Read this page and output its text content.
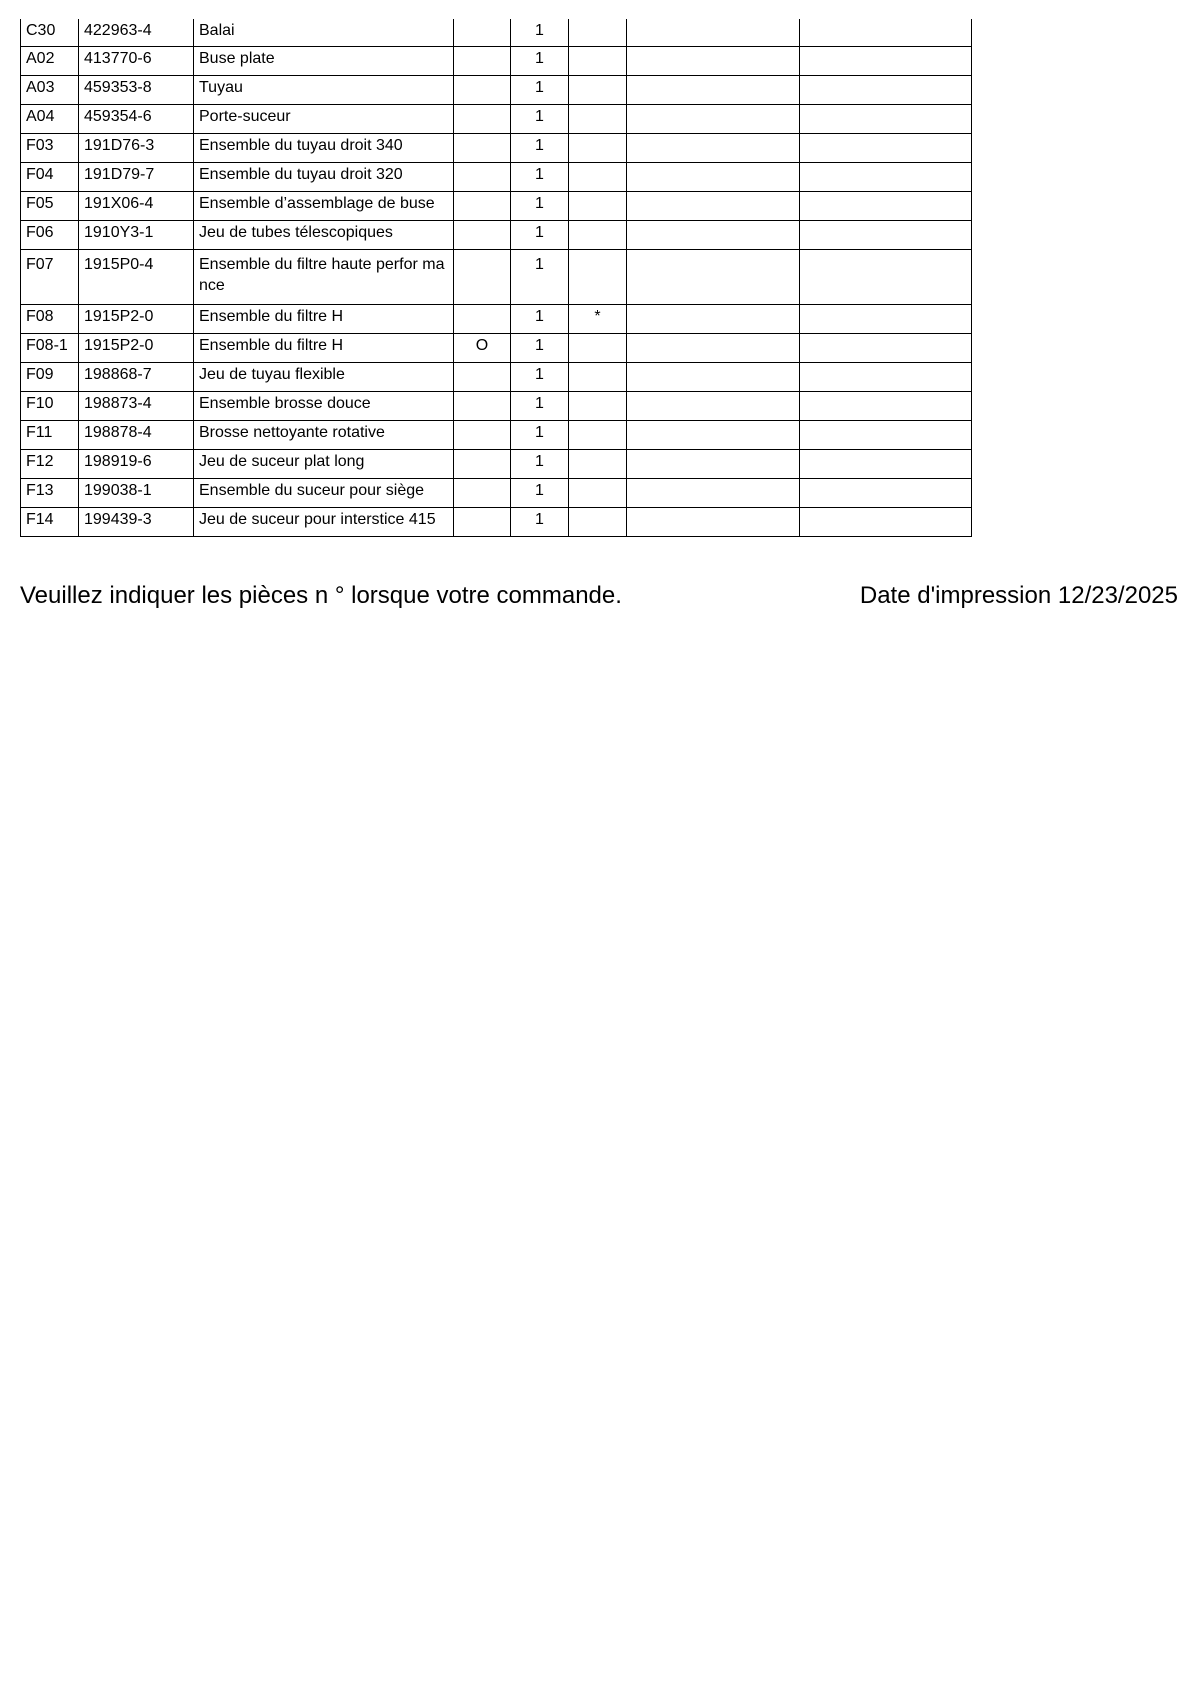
C30	422963-4	Balai		1			
A02	413770-6	Buse plate		1			
A03	459353-8	Tuyau		1			
A04	459354-6	Porte-suceur		1			
F03	191D76-3	Ensemble du tuyau droit 340		1			
F04	191D79-7	Ensemble du tuyau droit 320		1			
F05	191X06-4	Ensemble d’assemblage de buse		1			
F06	1910Y3-1	Jeu de tubes télescopiques		1			
F07	1915P0-4	Ensemble du filtre haute perfor mance		1			
F08	1915P2-0	Ensemble du filtre H		1	*		
F08-1	1915P2-0	Ensemble du filtre H	O	1			
F09	198868-7	Jeu de tuyau flexible		1			
F10	198873-4	Ensemble brosse douce		1			
F11	198878-4	Brosse nettoyante rotative		1			
F12	198919-6	Jeu de suceur plat long		1			
F13	199038-1	Ensemble du suceur pour siège		1			
F14	199439-3	Jeu de suceur pour interstice 415		1			
Veuillez indiquer les pièces n ° lorsque votre commande.	Date d'impression 12/23/2025
